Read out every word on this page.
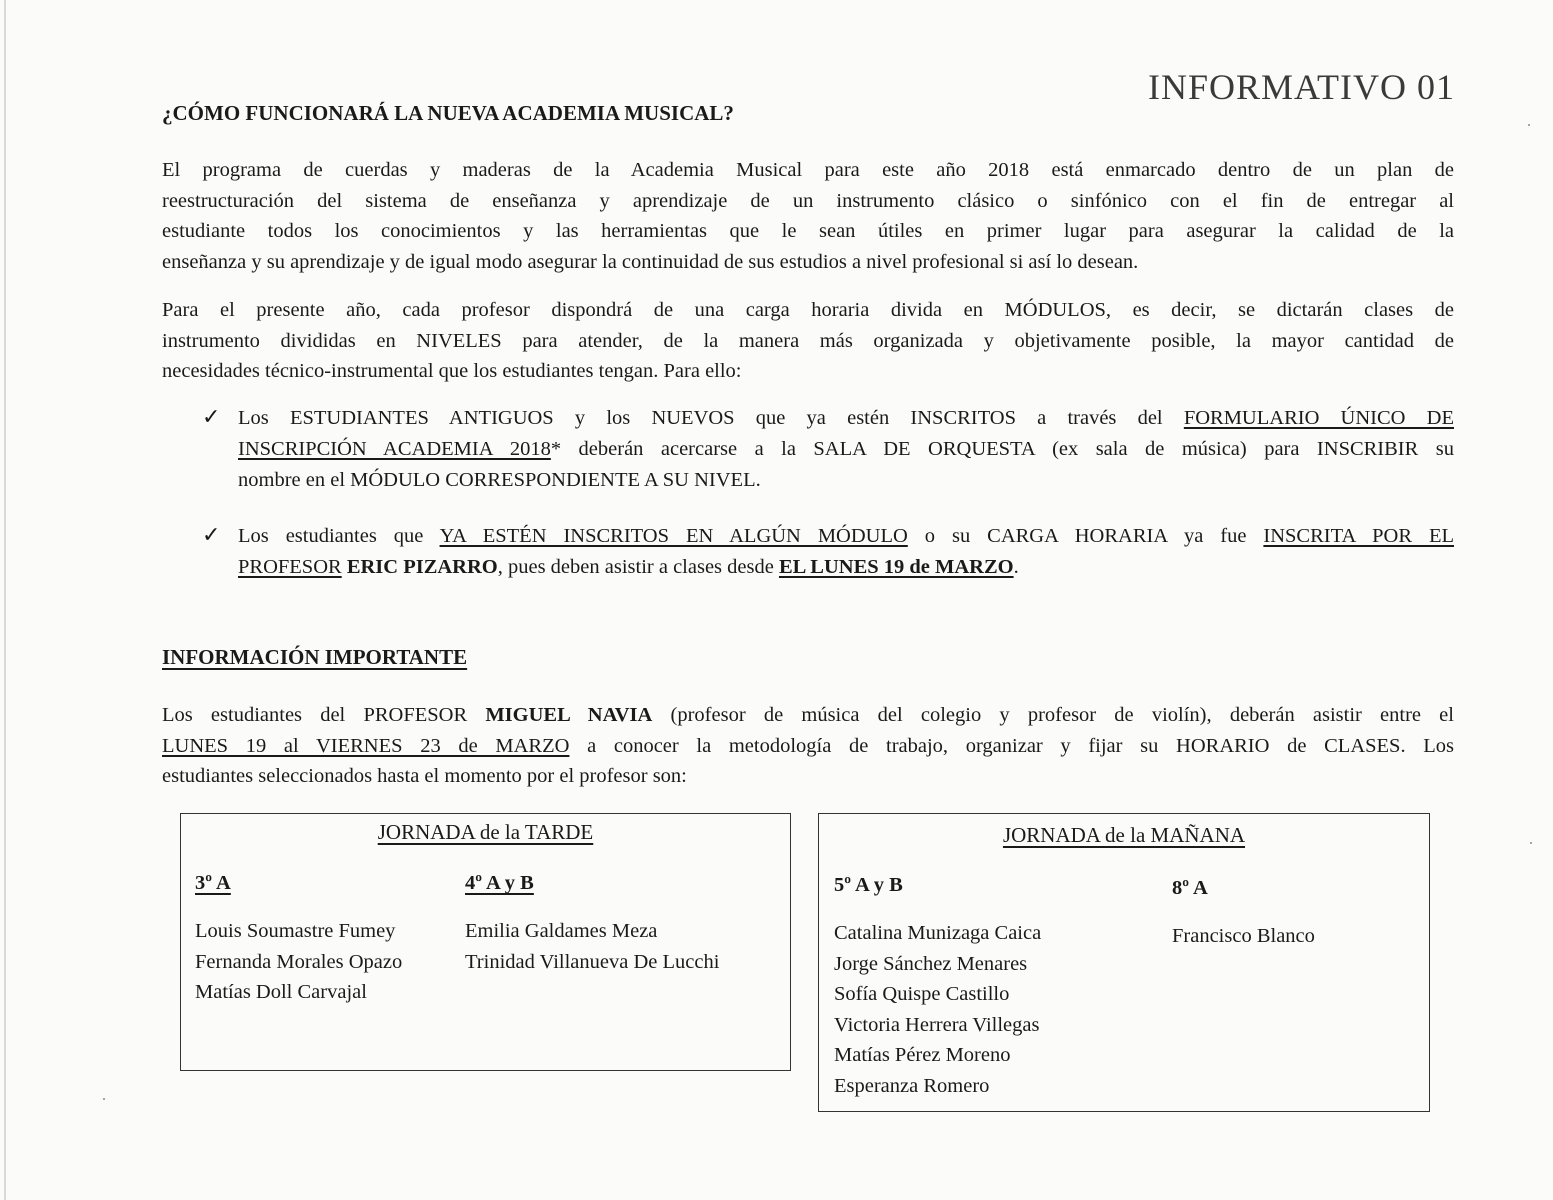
INFORMATIVO 01
¿CÓMO FUNCIONARÁ LA NUEVA ACADEMIA MUSICAL?

El programa de cuerdas y maderas de la Academia Musical para este año 2018 está enmarcado dentro de un plan de
reestructuración del sistema de enseñanza y aprendizaje de un instrumento clásico o sinfónico con el fin de entregar al
estudiante todos los conocimientos y las herramientas que le sean útiles en primer lugar para asegurar la calidad de la
enseñanza y su aprendizaje y de igual modo asegurar la continuidad de sus estudios a nivel profesional si así lo desean.

Para el presente año, cada profesor dispondrá de una carga horaria divida en MÓDULOS, es decir, se dictarán clases de
instrumento divididas en NIVELES para atender, de la manera más organizada y objetivamente posible, la mayor cantidad de
necesidades técnico-instrumental que los estudiantes tengan. Para ello:

✓ Los ESTUDIANTES ANTIGUOS y los NUEVOS que ya estén INSCRITOS a través del FORMULARIO ÚNICO DE
INSCRIPCIÓN ACADEMIA 2018* deberán acercarse a la SALA DE ORQUESTA (ex sala de música) para INSCRIBIR su
nombre en el MÓDULO CORRESPONDIENTE A SU NIVEL.
✓ Los estudiantes que YA ESTÉN INSCRITOS EN ALGÚN MÓDULO o su CARGA HORARIA ya fue INSCRITA POR EL
PROFESOR ERIC PIZARRO, pues deben asistir a clases desde EL LUNES 19 de MARZO.
INFORMACIÓN IMPORTANTE

Los estudiantes del PROFESOR MIGUEL NAVIA (profesor de música del colegio y profesor de violín), deberán asistir entre el
LUNES 19 al VIERNES 23 de MARZO a conocer la metodología de trabajo, organizar y fijar su HORARIO de CLASES. Los
estudiantes seleccionados hasta el momento por el profesor son:

JORNADA de la TARDE
3º A
Louis Soumastre Fumey
Fernanda Morales Opazo
Matías Doll Carvajal
4º A y B
Emilia Galdames Meza
Trinidad Villanueva De Lucchi
JORNADA de la MAÑANA
5º A y B
Catalina Munizaga Caica
Jorge Sánchez Menares
Sofía Quispe Castillo
Victoria Herrera Villegas
Matías Pérez Moreno
Esperanza Romero
8º A
Francisco Blanco
